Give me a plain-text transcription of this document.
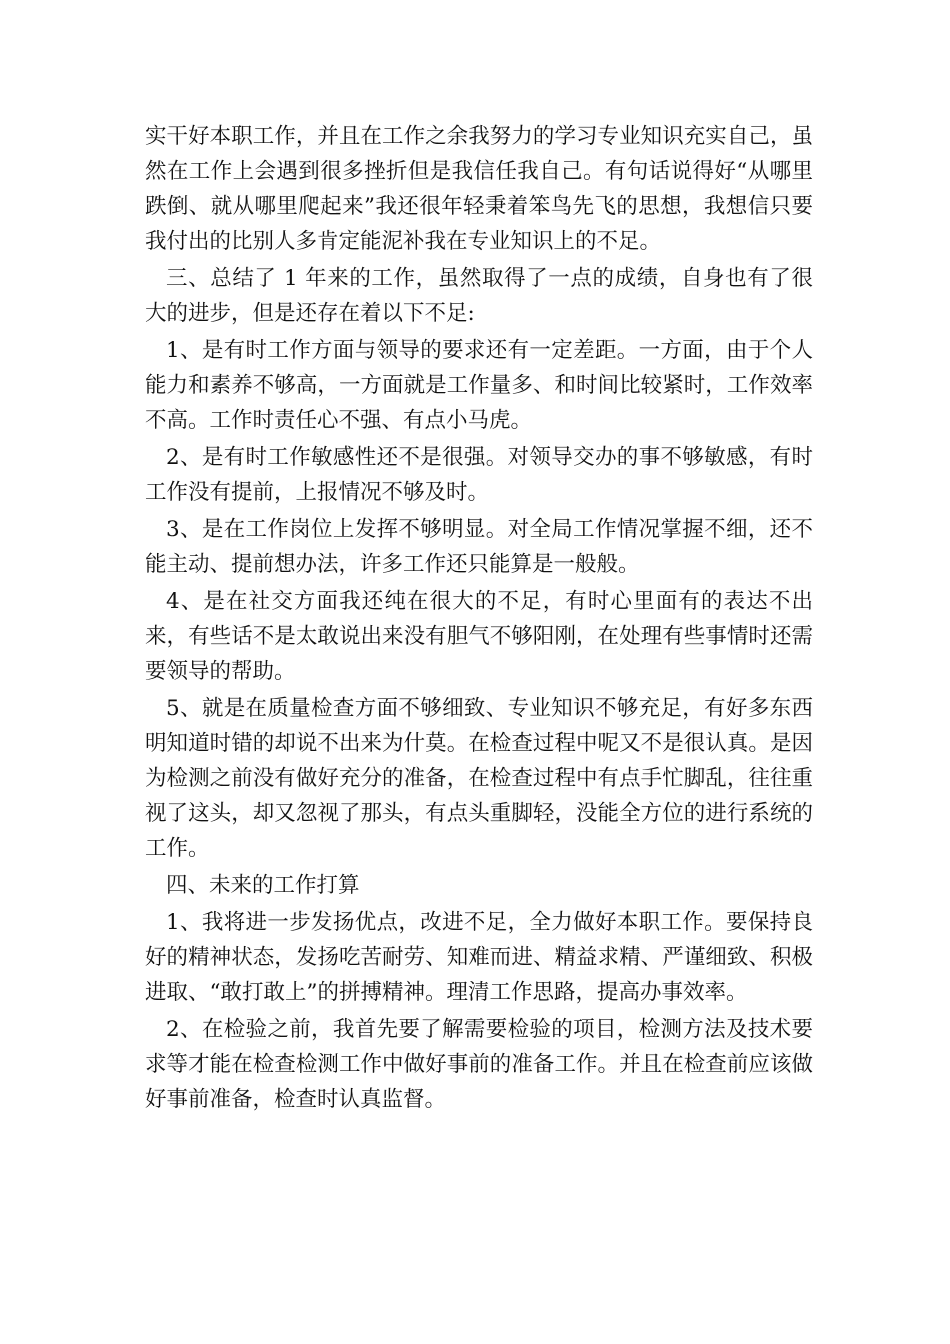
实干好本职工作，并且在工作之余我努力的学习专业知识充实自己，虽然在工作上会遇到很多挫折但是我信任我自己。有句话说得好“从哪里跌倒、就从哪里爬起来”我还很年轻秉着笨鸟先飞的思想，我想信只要我付出的比别人多肯定能泥补我在专业知识上的不足。

三、总结了 1 年来的工作，虽然取得了一点的成绩，自身也有了很大的进步，但是还存在着以下不足:

1、是有时工作方面与领导的要求还有一定差距。一方面，由于个人能力和素养不够高，一方面就是工作量多、和时间比较紧时，工作效率不高。工作时责任心不强、有点小马虎。

2、是有时工作敏感性还不是很强。对领导交办的事不够敏感，有时工作没有提前，上报情况不够及时。

3、是在工作岗位上发挥不够明显。对全局工作情况掌握不细，还不能主动、提前想办法，许多工作还只能算是一般般。

4、是在社交方面我还纯在很大的不足，有时心里面有的表达不出来，有些话不是太敢说出来没有胆气不够阳刚，在处理有些事情时还需要领导的帮助。

5、就是在质量检查方面不够细致、专业知识不够充足，有好多东西明知道时错的却说不出来为什莫。在检查过程中呢又不是很认真。是因为检测之前没有做好充分的准备，在检查过程中有点手忙脚乱，往往重视了这头，却又忽视了那头，有点头重脚轻，没能全方位的进行系统的工作。

四、未来的工作打算

1、我将进一步发扬优点，改进不足，全力做好本职工作。要保持良好的精神状态，发扬吃苦耐劳、知难而进、精益求精、严谨细致、积极进取、“敢打敢上”的拼搏精神。理清工作思路，提高办事效率。

2、在检验之前，我首先要了解需要检验的项目，检测方法及技术要求等才能在检查检测工作中做好事前的准备工作。并且在检查前应该做好事前准备，检查时认真监督。
